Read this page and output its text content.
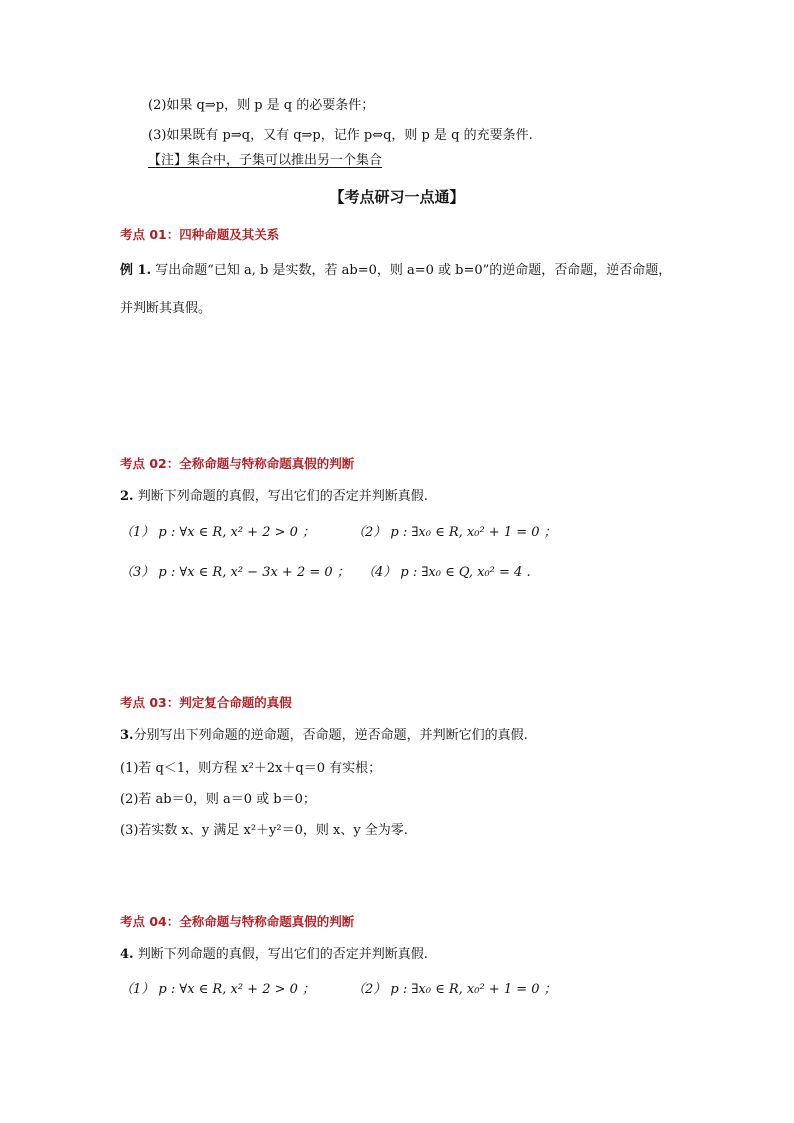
(2)如果 q⇒p，则 p 是 q 的必要条件；
(3)如果既有 p⇒q，又有 q⇒p，记作 p⇔q，则 p 是 q 的充要条件.
【注】集合中，子集可以推出另一个集合
【考点研习一点通】
考点 01：四种命题及其关系
例 1. 写出命题“已知 a, b 是实数，若 ab=0，则 a=0 或 b=0”的逆命题，否命题，逆否命题，
并判断其真假。
考点 02：全称命题与特称命题真假的判断
2. 判断下列命题的真假，写出它们的否定并判断真假.
（1） p : ∀x ∈ R, x² + 2 > 0 ；	（2） p : ∃x₀ ∈ R, x₀² + 1 = 0 ；
（3） p : ∀x ∈ R, x² − 3x + 2 = 0 ； （4） p : ∃x₀ ∈ Q, x₀² = 4 .
考点 03：判定复合命题的真假
3.分别写出下列命题的逆命题，否命题，逆否命题，并判断它们的真假.
(1)若 q＜1，则方程 x²＋2x＋q＝0 有实根；
(2)若 ab＝0，则 a＝0 或 b＝0；
(3)若实数 x、y 满足 x²＋y²＝0，则 x、y 全为零.
考点 04：全称命题与特称命题真假的判断
4. 判断下列命题的真假，写出它们的否定并判断真假.
（1） p : ∀x ∈ R, x² + 2 > 0 ；	（2） p : ∃x₀ ∈ R, x₀² + 1 = 0 ；
